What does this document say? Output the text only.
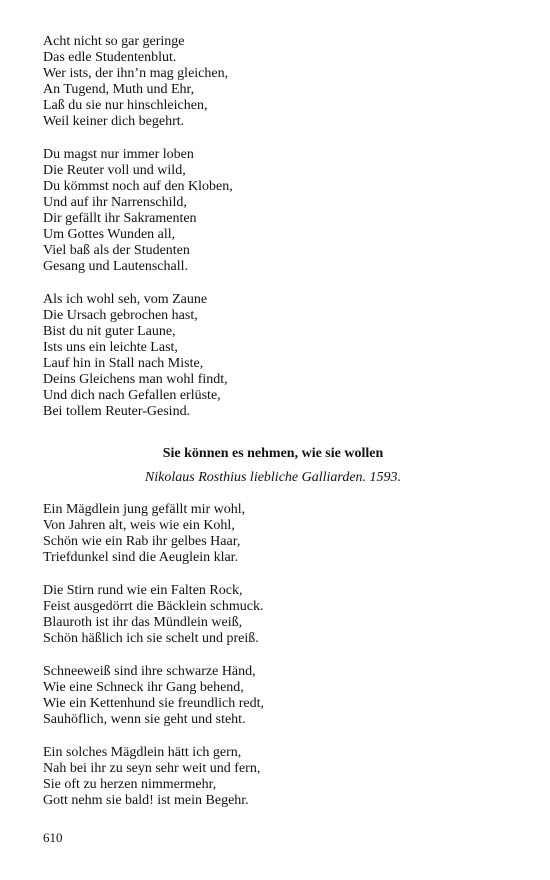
Acht nicht so gar geringe
Das edle Studentenblut.
Wer ists, der ihn’n mag gleichen,
An Tugend, Muth und Ehr,
Laß du sie nur hinschleichen,
Weil keiner dich begehrt.
Du magst nur immer loben
Die Reuter voll und wild,
Du kömmst noch auf den Kloben,
Und auf ihr Narrenschild,
Dir gefällt ihr Sakramenten
Um Gottes Wunden all,
Viel baß als der Studenten
Gesang und Lautenschall.
Als ich wohl seh, vom Zaune
Die Ursach gebrochen hast,
Bist du nit guter Laune,
Ists uns ein leichte Last,
Lauf hin in Stall nach Miste,
Deins Gleichens man wohl findt,
Und dich nach Gefallen erlüste,
Bei tollem Reuter-Gesind.
Sie können es nehmen, wie sie wollen
Nikolaus Rosthius liebliche Galliarden. 1593.
Ein Mägdlein jung gefällt mir wohl,
Von Jahren alt, weis wie ein Kohl,
Schön wie ein Rab ihr gelbes Haar,
Triefdunkel sind die Aeuglein klar.
Die Stirn rund wie ein Falten Rock,
Feist ausgedörrt die Bäcklein schmuck.
Blauroth ist ihr das Mündlein weiß,
Schön häßlich ich sie schelt und preiß.
Schneeweiß sind ihre schwarze Händ,
Wie eine Schneck ihr Gang behend,
Wie ein Kettenhund sie freundlich redt,
Sauhöflich, wenn sie geht und steht.
Ein solches Mägdlein hätt ich gern,
Nah bei ihr zu seyn sehr weit und fern,
Sie oft zu herzen nimmermehr,
Gott nehm sie bald! ist mein Begehr.
610
